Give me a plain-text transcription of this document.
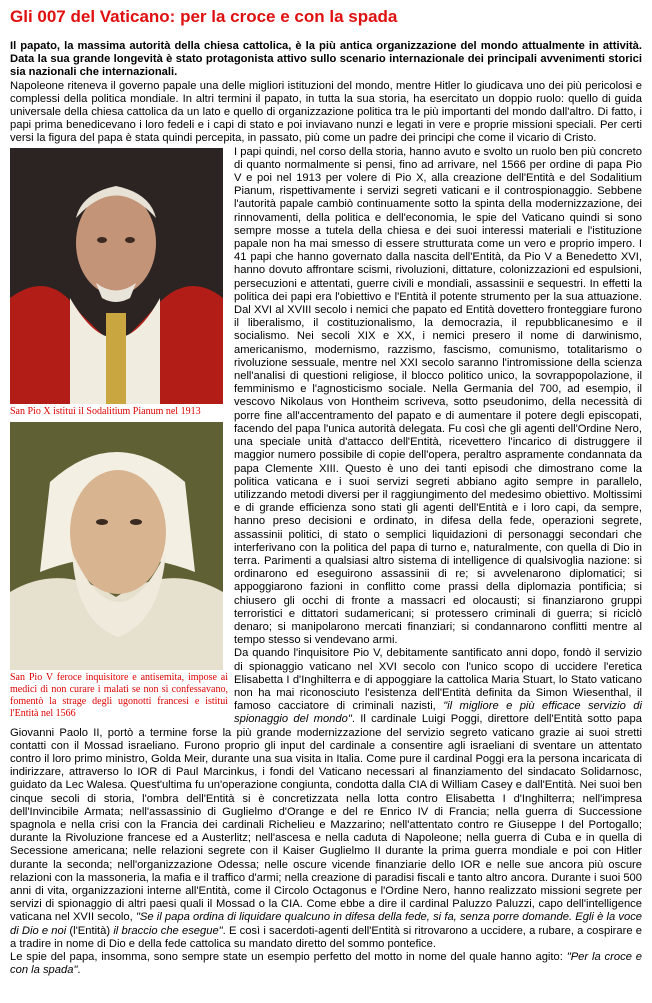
Gli 007 del Vaticano: per la croce e con la spada

Il papato, la massima autorità della chiesa cattolica, è la più antica organizzazione del mondo attualmente in attività. Data la sua grande longevità è stato protagonista attivo sullo scenario internazionale dei principali avvenimenti storici sia nazionali che internazionali.

Napoleone riteneva il governo papale una delle migliori istituzioni del mondo, mentre Hitler lo giudicava uno dei più pericolosi e complessi della politica mondiale. In altri termini il papato, in tutta la sua storia, ha esercitato un doppio ruolo: quello di guida universale della chiesa cattolica da un lato e quello di organizzazione politica tra le più importanti del mondo dall'altro. Di fatto, i papi prima benedicevano i loro fedeli e i capi di stato e poi inviavano nunzi e legati in vere e proprie missioni speciali. Per certi versi la figura del papa è stata quindi percepita, in passato, più come un padre dei principi che come il vicario di Cristo.

San Pio X istituì il Sodalitium Pianum nel 1913
San Pio V feroce inquisitore e antisemita, impose ai medici di non curare i malati se non si confessavano, fomentò la strage degli ugonotti francesi e istituì l'Entità nel 1566

I papi quindi, nel corso della storia, hanno avuto e svolto un ruolo ben più concreto di quanto normalmente si pensi, fino ad arrivare, nel 1566 per ordine di papa Pio V e poi nel 1913 per volere di Pio X, alla creazione dell'Entità e del Sodalitium Pianum, rispettivamente i servizi segreti vaticani e il controspionaggio. Sebbene l'autorità papale cambiò continuamente sotto la spinta della modernizzazione, dei rinnovamenti, della politica e dell'economia, le spie del Vaticano quindi si sono sempre mosse a tutela della chiesa e dei suoi interessi materiali e l'istituzione papale non ha mai smesso di essere strutturata come un vero e proprio impero. I 41 papi che hanno governato dalla nascita dell'Entità, da Pio V a Benedetto XVI, hanno dovuto affrontare scismi, rivoluzioni, dittature, colonizzazioni ed espulsioni, persecuzioni e attentati, guerre civili e mondiali, assassinii e sequestri. In effetti la politica dei papi era l'obiettivo e l'Entità il potente strumento per la sua attuazione. Dal XVI al XVIII secolo i nemici che papato ed Entità dovettero fronteggiare furono il liberalismo, il costituzionalismo, la democrazia, il repubblicanesimo e il socialismo. Nei secoli XIX e XX, i nemici presero il nome di darwinismo, americanismo, modernismo, razzismo, fascismo, comunismo, totalitarismo o rivoluzione sessuale, mentre nel XXI secolo saranno l'intromissione della scienza nell'analisi di questioni religiose, il blocco politico unico, la sovrappopolazione, il femminismo e l'agnosticismo sociale. Nella Germania del 700, ad esempio, il vescovo Nikolaus von Hontheim scriveva, sotto pseudonimo, della necessità di porre fine all'accentramento del papato e di aumentare il potere degli episcopati, facendo del papa l'unica autorità delegata. Fu così che gli agenti dell'Ordine Nero, una speciale unità d'attacco dell'Entità, ricevettero l'incarico di distruggere il maggior numero possibile di copie dell'opera, peraltro aspramente condannata da papa Clemente XIII. Questo è uno dei tanti episodi che dimostrano come la politica vaticana e i suoi servizi segreti abbiano agito sempre in parallelo, utilizzando metodi diversi per il raggiungimento del medesimo obiettivo. Moltissimi e di grande efficienza sono stati gli agenti dell'Entità e i loro capi, da sempre, hanno preso decisioni e ordinato, in difesa della fede, operazioni segrete, assassinii politici, di stato o semplici liquidazioni di personaggi secondari che interferivano con la politica del papa di turno e, naturalmente, con quella di Dio in terra. Parimenti a qualsiasi altro sistema di intelligence di qualsivoglia nazione: si ordinarono ed eseguirono assassinii di re; si avvelenarono diplomatici; si appoggiarono fazioni in conflitto come prassi della diplomazia pontificia; si chiusero gli occhi di fronte a massacri ed olocausti; si finanziarono gruppi terroristici e dittatori sudamericani; si protessero criminali di guerra; si riciclò denaro; si manipolarono mercati finanziari; si condannarono conflitti mentre al tempo stesso si vendevano armi.

Da quando l'inquisitore Pio V, debitamente santificato anni dopo, fondò il servizio di spionaggio vaticano nel XVI secolo con l'unico scopo di uccidere l'eretica Elisabetta I d'Inghilterra e di appoggiare la cattolica Maria Stuart, lo Stato vaticano non ha mai riconosciuto l'esistenza dell'Entità definita da Simon Wiesenthal, il famoso cacciatore di criminali nazisti, "il migliore e più efficace servizio di spionaggio del mondo". Il cardinale Luigi Poggi, direttore dell'Entità sotto papa Giovanni Paolo II, portò a termine forse la più grande modernizzazione del servizio segreto vaticano grazie ai suoi stretti contatti con il Mossad israeliano. Furono proprio gli input del cardinale a consentire agli israeliani di sventare un attentato contro il loro primo ministro, Golda Meir, durante una sua visita in Italia. Come pure il cardinal Poggi era la persona incaricata di indirizzare, attraverso lo IOR di Paul Marcinkus, i fondi del Vaticano necessari al finanziamento del sindacato Solidarnosc, guidato da Lec Walesa. Quest'ultima fu un'operazione congiunta, condotta dalla CIA di William Casey e dall'Entità. Nei suoi ben cinque secoli di storia, l'ombra dell'Entità si è concretizzata nella lotta contro Elisabetta I d'Inghilterra; nell'impresa dell'Invincibile Armata; nell'assassinio di Guglielmo d'Orange e del re Enrico IV di Francia; nella guerra di Successione spagnola e nella crisi con la Francia dei cardinali Richelieu e Mazzarino; nell'attentato contro re Giuseppe I del Portogallo; durante la Rivoluzione francese ed a Austerlitz; nell'ascesa e nella caduta di Napoleone; nella guerra di Cuba e in quella di Secessione americana; nelle relazioni segrete con il Kaiser Guglielmo II durante la prima guerra mondiale e poi con Hitler durante la seconda; nell'organizzazione Odessa; nelle oscure vicende finanziarie dello IOR e nelle sue ancora più oscure relazioni con la massoneria, la mafia e il traffico d'armi; nella creazione di paradisi fiscali e tanto altro ancora. Durante i suoi 500 anni di vita, organizzazioni interne all'Entità, come il Circolo Octagonus e l'Ordine Nero, hanno realizzato missioni segrete per servizi di spionaggio di altri paesi quali il Mossad o la CIA. Come ebbe a dire il cardinal Paluzzo Paluzzi, capo dell'intelligence vaticana nel XVII secolo, "Se il papa ordina di liquidare qualcuno in difesa della fede, si fa, senza porre domande. Egli è la voce di Dio e noi (l'Entità) il braccio che esegue". E così i sacerdoti-agenti dell'Entità si ritrovarono a uccidere, a rubare, a cospirare e a tradire in nome di Dio e della fede cattolica su mandato diretto del sommo pontefice.

Le spie del papa, insomma, sono sempre state un esempio perfetto del motto in nome del quale hanno agito: "Per la croce e con la spada".
